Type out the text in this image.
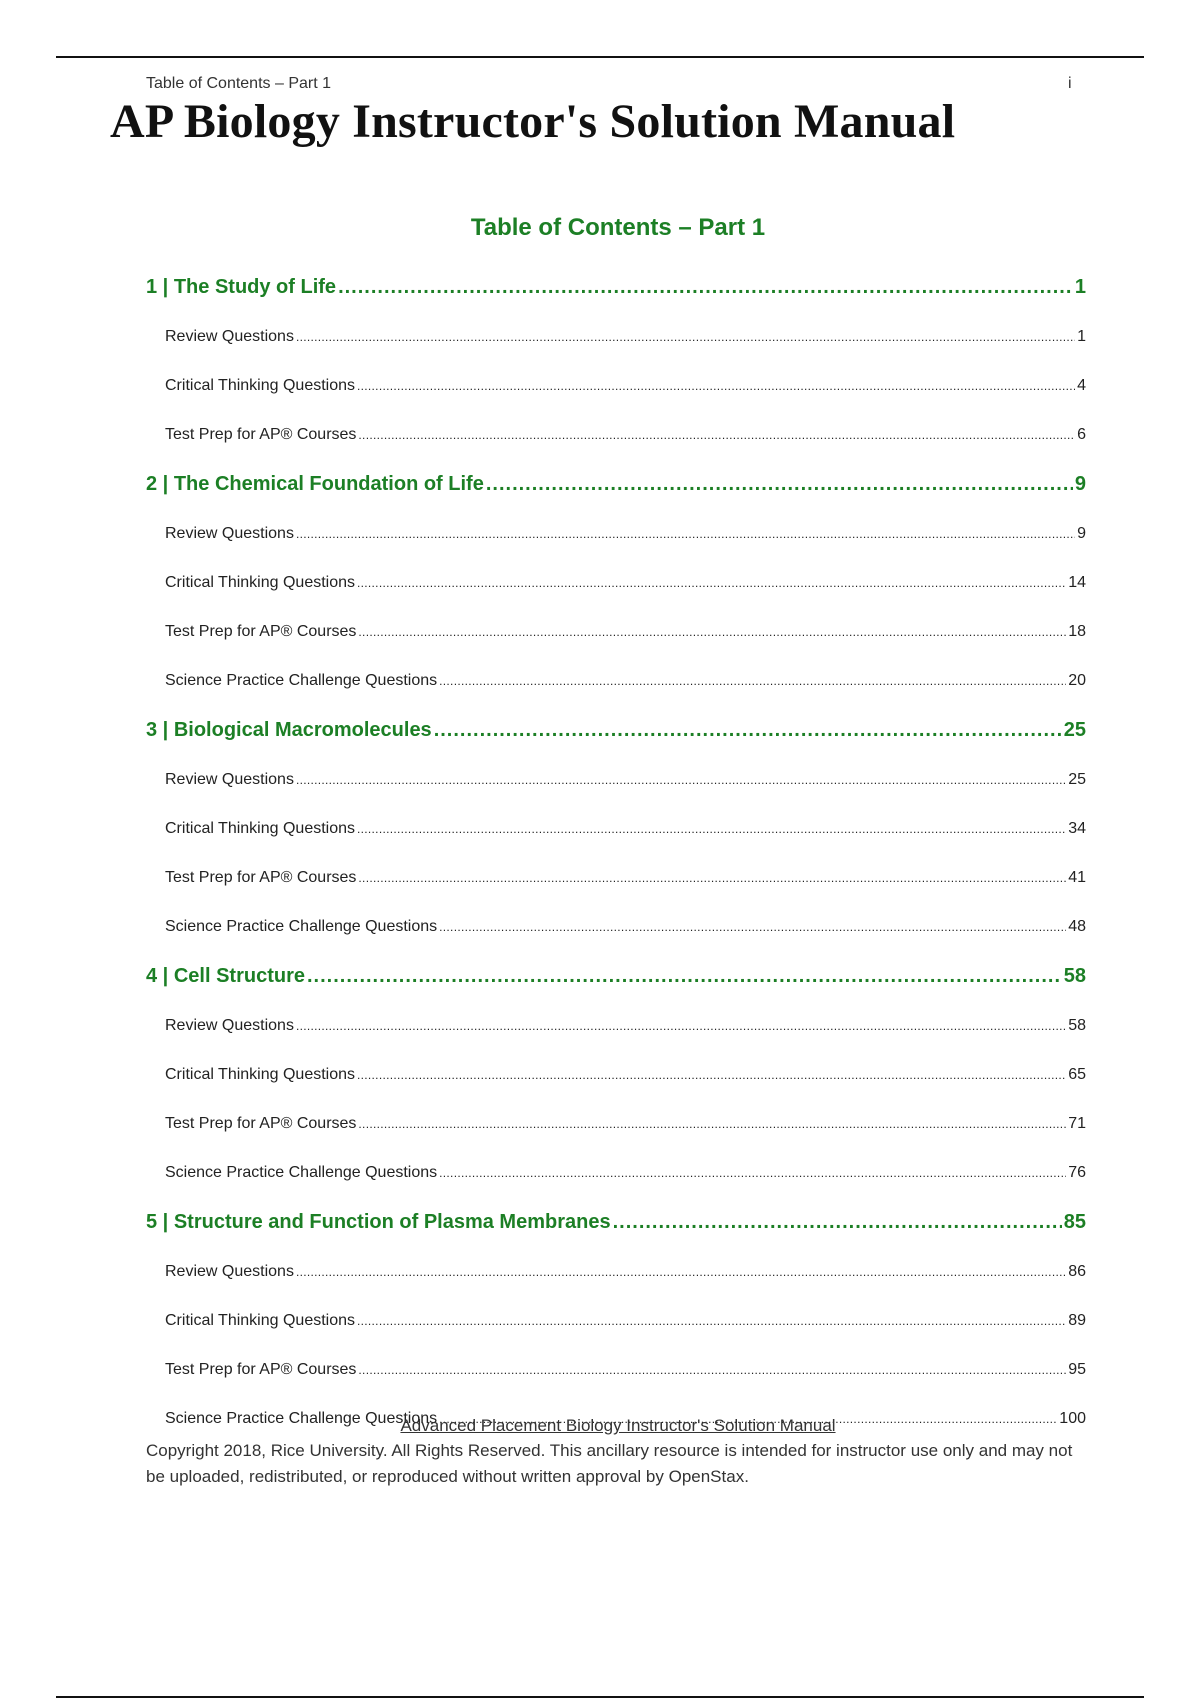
Table of Contents – Part 1	i
AP Biology Instructor's Solution Manual
Table of Contents – Part 1
1 | The Study of Life .....	1
Review Questions .....	1
Critical Thinking Questions .....	4
Test Prep for AP® Courses .....	6
2 | The Chemical Foundation of Life .....	9
Review Questions .....	9
Critical Thinking Questions .....	14
Test Prep for AP® Courses .....	18
Science Practice Challenge Questions .....	20
3 | Biological Macromolecules .....	25
Review Questions .....	25
Critical Thinking Questions .....	34
Test Prep for AP® Courses .....	41
Science Practice Challenge Questions .....	48
4 | Cell Structure .....	58
Review Questions .....	58
Critical Thinking Questions .....	65
Test Prep for AP® Courses .....	71
Science Practice Challenge Questions .....	76
5 | Structure and Function of Plasma Membranes .....	85
Review Questions .....	86
Critical Thinking Questions .....	89
Test Prep for AP® Courses .....	95
Science Practice Challenge Questions .....	100
Advanced Placement Biology Instructor's Solution Manual
Copyright 2018, Rice University. All Rights Reserved. This ancillary resource is intended for instructor use only and may not be uploaded, redistributed, or reproduced without written approval by OpenStax.
